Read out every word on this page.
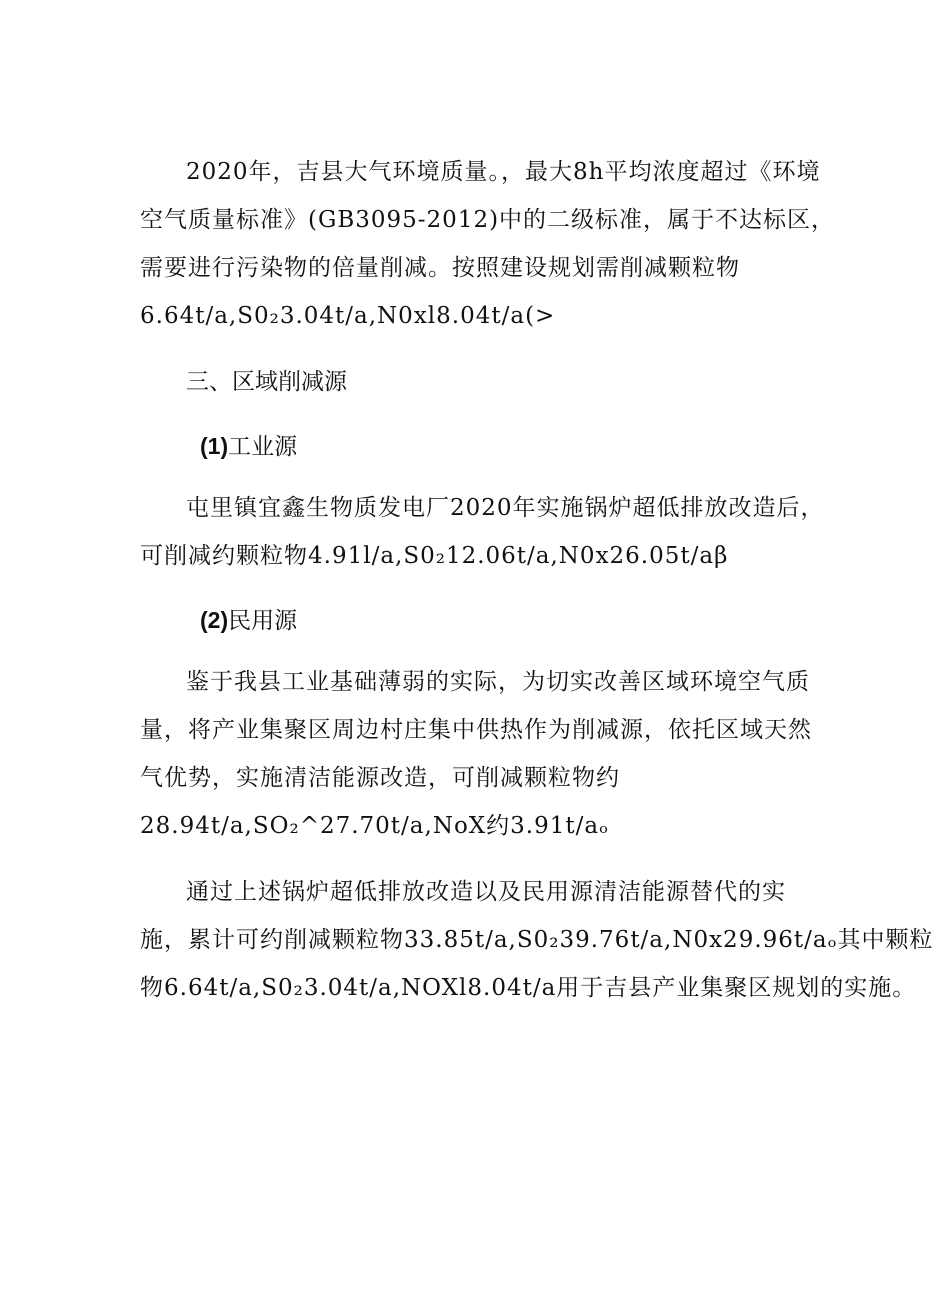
2020年，吉县大气环境质量。，最大8h平均浓度超过《环境
空气质量标准》(GB3095-2012)中的二级标准，属于不达标区，
需要进行污染物的倍量削减。按照建设规划需削减颗粒物
6.64t/a,S0₂3.04t/a,N0xl8.04t/a(>

三、区域削减源

(1)工业源

屯里镇宜鑫生物质发电厂2020年实施锅炉超低排放改造后，
可削减约颗粒物4.91l/a,S0₂12.06t/a,N0x26.05t/aβ

(2)民用源

鉴于我县工业基础薄弱的实际，为切实改善区域环境空气质
量，将产业集聚区周边村庄集中供热作为削减源，依托区域天然
气优势，实施清洁能源改造，可削减颗粒物约
28.94t/a,SO₂^27.70t/a,NoX约3.91t/aₒ

通过上述锅炉超低排放改造以及民用源清洁能源替代的实
施，累计可约削减颗粒物33.85t/a,S0₂39.76t/a,N0x29.96t/aₒ其中颗粒
物6.64t/a,S0₂3.04t/a,NOXl8.04t/a用于吉县产业集聚区规划的实施。
